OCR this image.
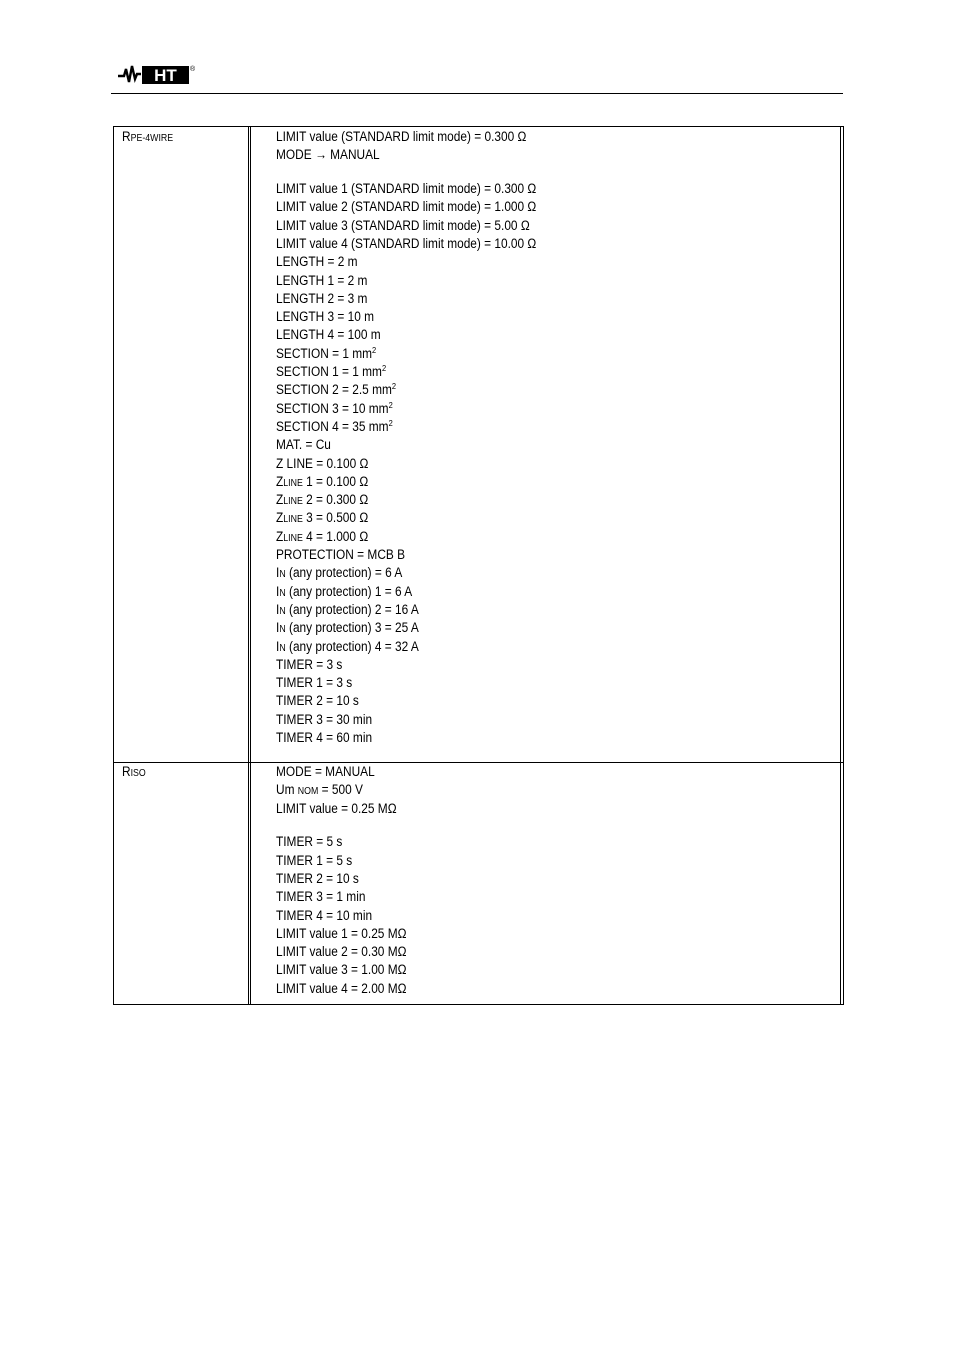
HT ®
RPE-4WIRE	LIMIT value (STANDARD limit mode) = 0.300 Ω
MODE → MANUAL
LIMIT value 1 (STANDARD limit mode) = 0.300 Ω
LIMIT value 2 (STANDARD limit mode) = 1.000 Ω
LIMIT value 3 (STANDARD limit mode) = 5.00 Ω
LIMIT value 4 (STANDARD limit mode) = 10.00 Ω
LENGTH = 2 m
LENGTH 1 = 2 m
LENGTH 2 = 3 m
LENGTH 3 = 10 m
LENGTH 4 = 100 m
SECTION = 1 $mm^2$
SECTION 1 = 1 $mm^2$
SECTION 2 = 2.5 $mm^2$
SECTION 3 = 10 $mm^2$
SECTION 4 = 35 $mm^2$
MAT. = Cu
Z LINE = 0.100 Ω
ZLINE 1 = 0.100 Ω
ZLINE 2 = 0.300 Ω
ZLINE 3 = 0.500 Ω
ZLINE 4 = 1.000 Ω
PROTECTION = MCB B
IN (any protection) = 6 A
IN (any protection) 1 = 6 A
IN (any protection) 2 = 16 A
IN (any protection) 3 = 25 A
IN (any protection) 4 = 32 A
TIMER = 3 s
TIMER 1 = 3 s
TIMER 2 = 10 s
TIMER 3 = 30 min
TIMER 4 = 60 min
RISO	MODE = MANUAL
Um NOM = 500 V
LIMIT value = 0.25 MΩ
TIMER = 5 s
TIMER 1 = 5 s
TIMER 2 = 10 s
TIMER 3 = 1 min
TIMER 4 = 10 min
LIMIT value 1 = 0.25 MΩ
LIMIT value 2 = 0.30 MΩ
LIMIT value 3 = 1.00 MΩ
LIMIT value 4 = 2.00 MΩ
